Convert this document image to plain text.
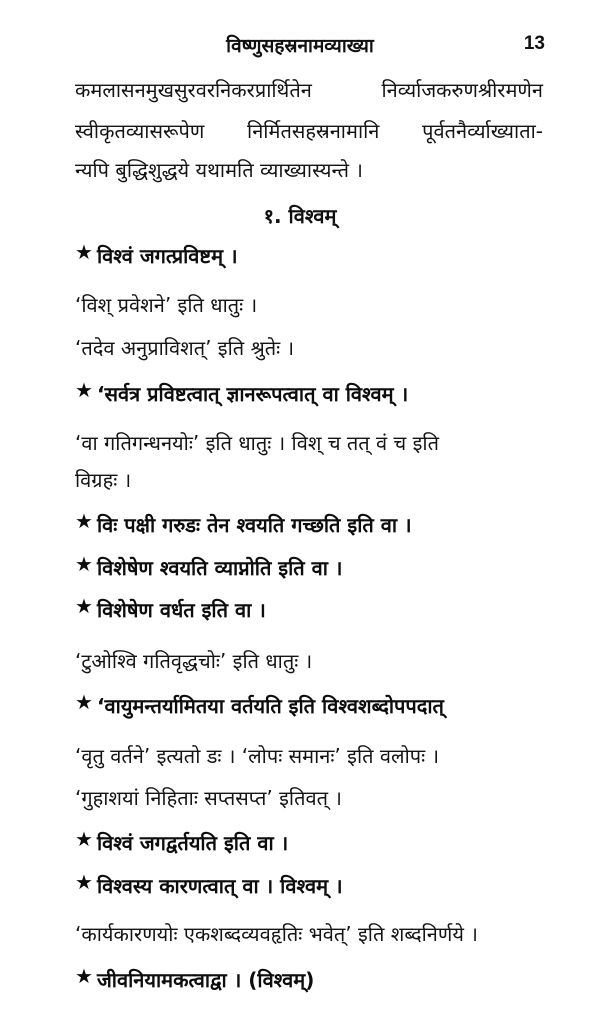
विष्णुसहस्रनामव्याख्या	13
कमलासनमुखसुरवरनिकरप्रार्थितेन	निर्व्याजकरुणश्रीरमणेन
स्वीकृतव्यासरूपेण निर्मितसहस्रनामानि पूर्वतनैर्व्याख्याता-
न्यपि बुद्धिशुद्धये यथामति व्याख्यास्यन्ते ।
१. विश्वम्
★ विश्वं जगत्प्रविष्टम् ।
‘विश् प्रवेशने’ इति धातुः ।
‘तदेव अनुप्राविशत्’ इति श्रुतेः ।
★ ‘सर्वत्र प्रविष्टत्वात् ज्ञानरूपत्वात् वा विश्वम् ।
‘वा गतिगन्धनयोः’ इति धातुः । विश् च तत् वं च इति
विग्रहः ।
★ विः पक्षी गरुडः तेन श्वयति गच्छति इति वा ।
★ विशेषेण श्वयति व्याप्नोति इति वा ।
★ विशेषेण वर्धत इति वा ।
‘टुओश्वि गतिवृद्धचोः’ इति धातुः ।
★ ‘वायुमन्तर्यामितया वर्तयति इति विश्वशब्दोपपदात्
‘वृतु वर्तने’ इत्यतो डः । ‘लोपः समानः’ इति वलोपः ।
‘गुहाशयां निहिताः सप्तसप्त’ इतिवत् ।
★ विश्वं जगद्वर्तयति इति वा ।
★ विश्वस्य कारणत्वात् वा । विश्वम् ।
‘कार्यकारणयोः एकशब्दव्यवहृतिः भवेत्’ इति शब्दनिर्णये ।
★ जीवनियामकत्वाद्वा । (विश्वम्)
